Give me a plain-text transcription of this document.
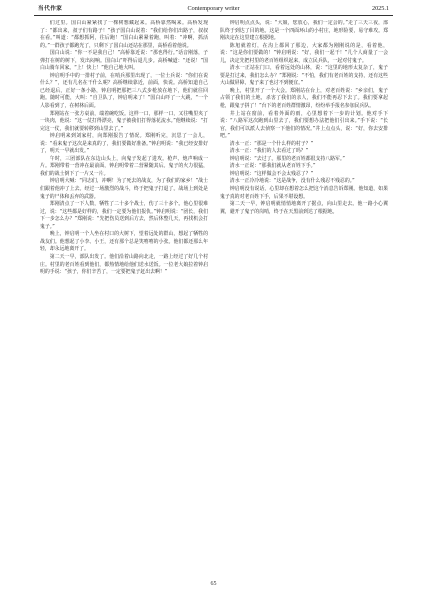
当代作家	Contemporary writer	2025.1

们过里。国白山紧紧找了一棵树想藏起来。高桥靠然喝来。高桥发现了：“都出来，叔子们有路子！”孩子国白山说着：“我们给你们出路子，叔叔在看。”叫道：“都想抓阿，往后跑！”国白山紧紧着跑，叫着：“冲啊，抓活的。”一群孩子都跑光了，只剩下了国白山还站在那里，高桥看着他说。

国白山说：“你一不是我自己！”高桥靠近说：“那也得行。”话音刚落，子弹打在树的树下，发出闷响。国白山“吓得后退几步。高桥喊道：“还说！”国白山骑车回家。“上！快上！”他自己地大叫。

钟启明手中的一排村子前，在哨兵那里出现了，一位士兵说：“你们在说什么？”，还有几名在干什么呢？高桥继续靠近，前面，快说。高桥知道自己已经退后，正好一条小路，钟启明把那把三八式步枪放在地下，他们就往回跑。随时可能，大叫：“自卫队了，钟启明来了！”国白山吓了一大跳，“一个人影看到了，在树林后面。

郑刚站在一张方桌前，端着碗吃饭。这样一口，那样一口，又往嘴里夹了一块肉，他说：“这一仗打得漂亮，鬼子被我们打得落花流水。”他继续说：“打完这一仗，我们就要转移到山里去了。”

钟启明来到刘家村，向郑刚报告了情况。郑刚听完，沉思了一会儿，说：“看来鬼子这次是来真的了，我们要做好准备。”钟启明说：“我已经安排好了，明天一早就出发。”

午时，三团部队在东边山头上，向鬼子发起了进攻。枪声、炮声响成一片。郑刚带着一营冲在最前面，钟启明带着二营紧随其后。鬼子的火力很猛，我们的战士倒下了一片又一片。

钟启明大喊：“同志们，冲啊！为了死去的战友，为了我们的家乡！”战士们跟着他冲了上去。经过一场激烈的战斗，终于把鬼子打退了。战场上到处是鬼子的尸体和丢弃的武器。

郑刚清点了一下人数，牺牲了二十多个战士，伤了三十多个。他心里很难过，说：“这些都是好样的，我们一定要为他们报仇。”钟启明说：“团长，我们下一步怎么办？”郑刚说：“先把伤员送到后方去，然后休整几天，再找机会打鬼子。”

晚上，钟启明一个人坐在村口的大树下，望着远处的群山，想起了牺牲的战友们。他想起了小李、小王，还有那个总是笑嘻嘻的小张。他们都还那么年轻，却永远地离开了。

第二天一早，部队出发了。他们沿着山路向北走，一路上经过了好几个村庄。村里的老百姓看到他们，都热情地给他们送水送饭。一位老大娘拉着钟启明的手说：“孩子，你们辛苦了，一定要把鬼子赶出去啊！”

钟启明点点头，说：“大娘，您放心，我们一定会的。”走了三天三夜，部队终于到达了目的地。这是一个四面环山的小村庄，地形险要，易守难攻。郑刚决定在这里建立根据地。

陈旭就着灯，在沟上都回了那边，大家都为刚刚说的是，看着他，说：“这是你们要做的！”钟启明说：“好，我们一起干！”几个人商量了一会儿，决定先把村里的老百姓组织起来，成立民兵队，一起对付鬼子。

清水一正站在门口，看着远处的山林，说：“这里的地形太复杂了，鬼子要是打过来，我们怎么办？”郑刚说：“不怕，我们有老百姓的支持，还有这些大山做屏障，鬼子来了也讨不到便宜。”

晚上，村里开了一个大会。郑刚站在台上，对老百姓说：“乡亲们，鬼子占领了我们的土地，杀害了我们的亲人，我们不能再忍下去了。我们要拿起枪，跟鬼子拼了！”台下的老百姓群情激昂，纷纷举手报名参加民兵队。

井上站在窗前，看着外面的雨，心里想着下一步的计划。他对手下说：“八路军这次跑到山里去了，我们要想办法把他们引出来。”手下说：“长官，我们可以派人去侦察一下他们的情况。”井上点点头，说：“好，你去安排吧。”

清水一正：“那是一个什么样的村子？”

清水一正：“我们的人去看过了吗？”

钟启明说：“去过了。那里的老百姓都很支持八路军。”

清水一正说：“那我们就从老百姓下手。”

钟启明说：“这样做会不会太残忍了？”

清水一正冷冷地说：“这是战争，没有什么残忍不残忍的。”

钟启明没有说话，心里却在想着怎么把这个消息告诉郑刚。他知道，如果鬼子真的对老百姓下手，后果不堪设想。

第二天一早，钟启明就悄悄地离开了据点，向山里走去。他一路小心翼翼，避开了鬼子的岗哨，终于在天黑前到达了根据地。

65
